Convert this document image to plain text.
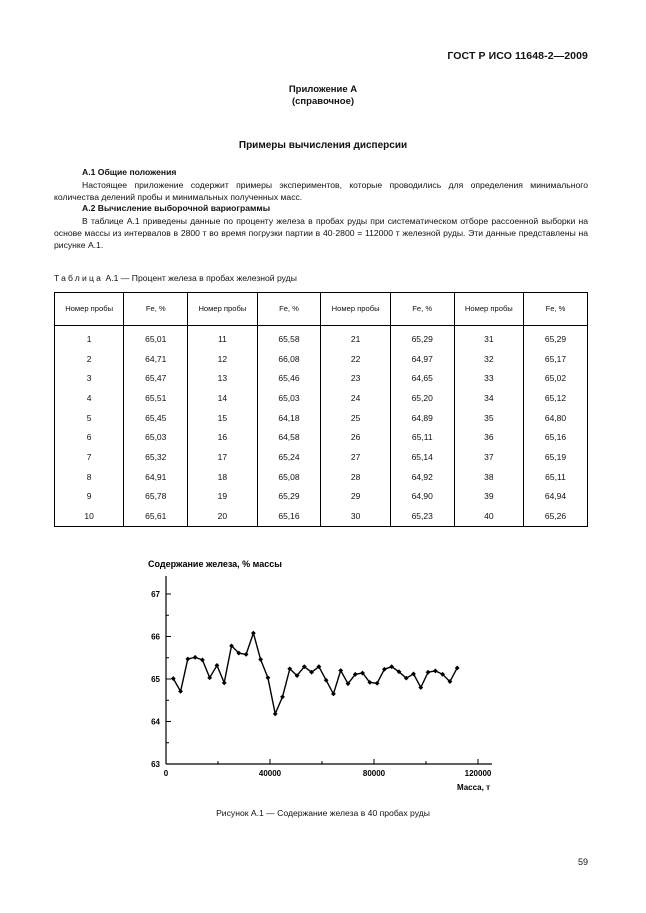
ГОСТ Р ИСО 11648-2—2009
Приложение А
(справочное)
Примеры вычисления дисперсии
А.1 Общие положения
Настоящее приложение содержит примеры экспериментов, которые проводились для определения минимального количества делений пробы и минимальных полученных масс.
А.2 Вычисление выборочной вариограммы
В таблице А.1 приведены данные по проценту железа в пробах руды при систематическом отборе рассоенной выборки на основе массы из интервалов в 2800 т во время погрузки партии в 40·2800 = 112000 т железной руды. Эти данные представлены на рисунке А.1.
Таблица А.1 — Процент железа в пробах железной руды
Номер пробы	Fe, %	Номер пробы	Fe, %	Номер пробы	Fe, %	Номер пробы	Fe, %
1	65,01	11	65,58	21	65,29	31	65,29
2	64,71	12	66,08	22	64,97	32	65,17
3	65,47	13	65,46	23	64,65	33	65,02
4	65,51	14	65,03	24	65,20	34	65,12
5	65,45	15	64,18	25	64,89	35	64,80
6	65,03	16	64,58	26	65,11	36	65,16
7	65,32	17	65,24	27	65,14	37	65,19
8	64,91	18	65,08	28	64,92	38	65,11
9	65,78	19	65,29	29	64,90	39	64,94
10	65,61	20	65,16	30	65,23	40	65,26
Содержание железа, % массы
Масса, т
63
64
65
66
67
0	40000	80000	120000
Рисунок А.1 — Содержание железа в 40 пробах руды
59
